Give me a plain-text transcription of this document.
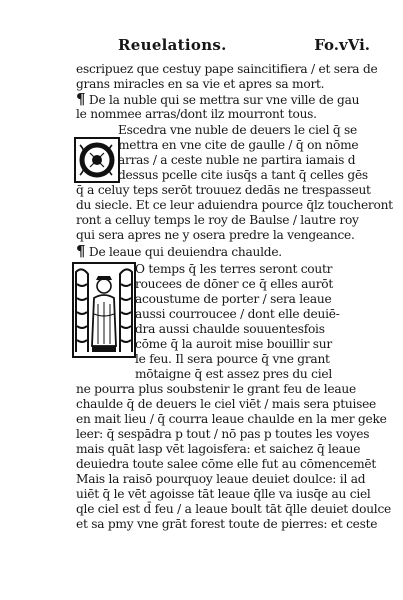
Reuelations.	Fo.vVi.
escripuez que cestuy pape saincitifiera / et sera de
grans miracles en sa vie et apres sa mort.
¶ De la nuble qui se mettra sur vne ville de gau
le nommee arras/dont ilz mourront tous.
Escedra vne nuble de deuers le ciel q̄ se
mettra en vne cite de gaulle / q̄ on nōme
arras / a ceste nuble ne partira iamais d
dessus pcelle cite iusq̄s a tant q̄ celles gēs
q̄ a celuy teps serōt trouuez dedās ne trespasseut
du siecle. Et ce leur aduiendra pource q̄lz toucheront
ront a celluy temps le roy de Baulse / lautre roy
qui sera apres ne y osera predre la vengeance.
¶ De leaue qui deuiendra chaulde.
O temps q̄ les terres seront coutr
roucees de dōner ce q̄ elles aurōt
acoustume de porter / sera leaue
aussi courroucee / dont elle deuiē-
dra aussi chaulde souuentesfois
cōme q̄ la auroit mise bouillir sur
le feu. Il sera pource q̄ vne grant
mōtaigne q̄ est assez pres du ciel
ne pourra plus soubstenir le grant feu de leaue
chaulde q̄ de deuers le ciel viēt / mais sera ptuisee
en mait lieu / q̄ courra leaue chaulde en la mer geke
leer: q̄ sespādra p tout / nō pas p toutes les voyes
mais quāt lasp vēt lagoisfera: et saichez q̄ leaue
deuiedra toute salee cōme elle fut au cōmencemēt
Mais la raisō pourquoy leaue deuiet doulce: il ad
uiēt q̄ le vēt agoisse tāt leaue q̄lle va iusq̄e au ciel
qle ciel est d̄ feu / a leaue boult tāt q̄lle deuiet doulce
et sa pmy vne grāt forest toute de pierres: et ceste
